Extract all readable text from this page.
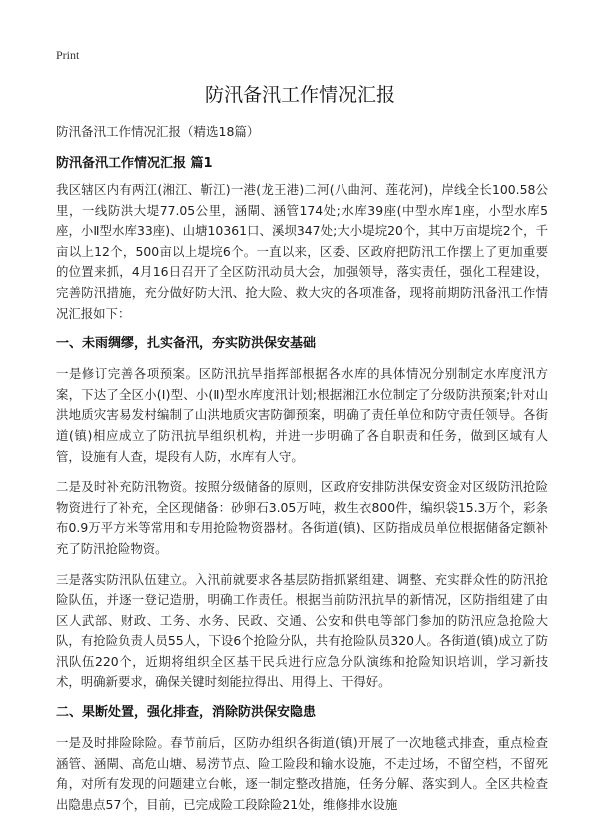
Print
防汛备汛工作情况汇报
防汛备汛工作情况汇报（精选18篇）
防汛备汛工作情况汇报 篇1

我区辖区内有两江(湘江、靳江)一港(龙王港)二河(八曲河、莲花河)，岸线全长100.58公里，一线防洪大堤77.05公里，涵閘、涵管174处;水库39座(中型水库1座，小型水库5座，小Ⅱ型水库33座)、山塘10361口、溪坝347处;大小堤垸20个，其中万亩堤垸2个，千亩以上12个，500亩以上堤垸6个。一直以来，区委、区政府把防汛工作摆上了更加重要的位置来抓，4月16日召开了全区防汛动员大会，加强领导，落实责任，强化工程建设，完善防汛措施，充分做好防大汛、抢大险、救大灾的各项准备，现将前期防汛备汛工作情况汇报如下：

一、未雨绸缪，扎实备汛，夯实防洪保安基础

一是修订完善各项预案。区防汛抗旱指挥部根据各水库的具体情况分别制定水库度汛方案，下达了全区小(Ⅰ)型、小(Ⅱ)型水库度汛计划;根据湘江水位制定了分级防洪预案;针对山洪地质灾害易发村编制了山洪地质灾害防御预案，明确了责任单位和防守责任领导。各街道(镇)相应成立了防汛抗旱组织机构，并进一步明确了各自职责和任务，做到区域有人管，设施有人查，堤段有人防，水库有人守。

二是及时补充防汛物资。按照分级储备的原则，区政府安排防洪保安资金对区级防汛抢险物资进行了补充，全区现储备：砂卵石3.05万吨，救生衣800件，编织袋15.3万个，彩条布0.9万平方米等常用和专用抢险物资器材。各街道(镇)、区防指成员单位根据储备定额补充了防汛抢险物资。

三是落实防汛队伍建立。入汛前就要求各基层防指抓紧组建、调整、充实群众性的防汛抢险队伍，并逐一登记造册，明确工作责任。根据当前防汛抗旱的新情况，区防指组建了由区人武部、财政、工务、水务、民政、交通、公安和供电等部门参加的防汛应急抢险大队，有抢险负责人员55人，下设6个抢险分队，共有抢险队员320人。各街道(镇)成立了防汛队伍220个，近期将组织全区基干民兵进行应急分队演练和抢险知识培训，学习新技术，明确新要求，确保关键时刻能拉得出、用得上、干得好。

二、果断处置，强化排查，消除防洪保安隐患

一是及时排险除险。春节前后，区防办组织各街道(镇)开展了一次地毯式排查，重点检查涵管、涵閘、高危山塘、易涝节点、险工险段和输水设施，不走过场，不留空档，不留死角，对所有发现的问题建立台帐，逐一制定整改措施，任务分解、落实到人。全区共检查出隐患点57个，目前，已完成险工段除险21处，维修排水设施
